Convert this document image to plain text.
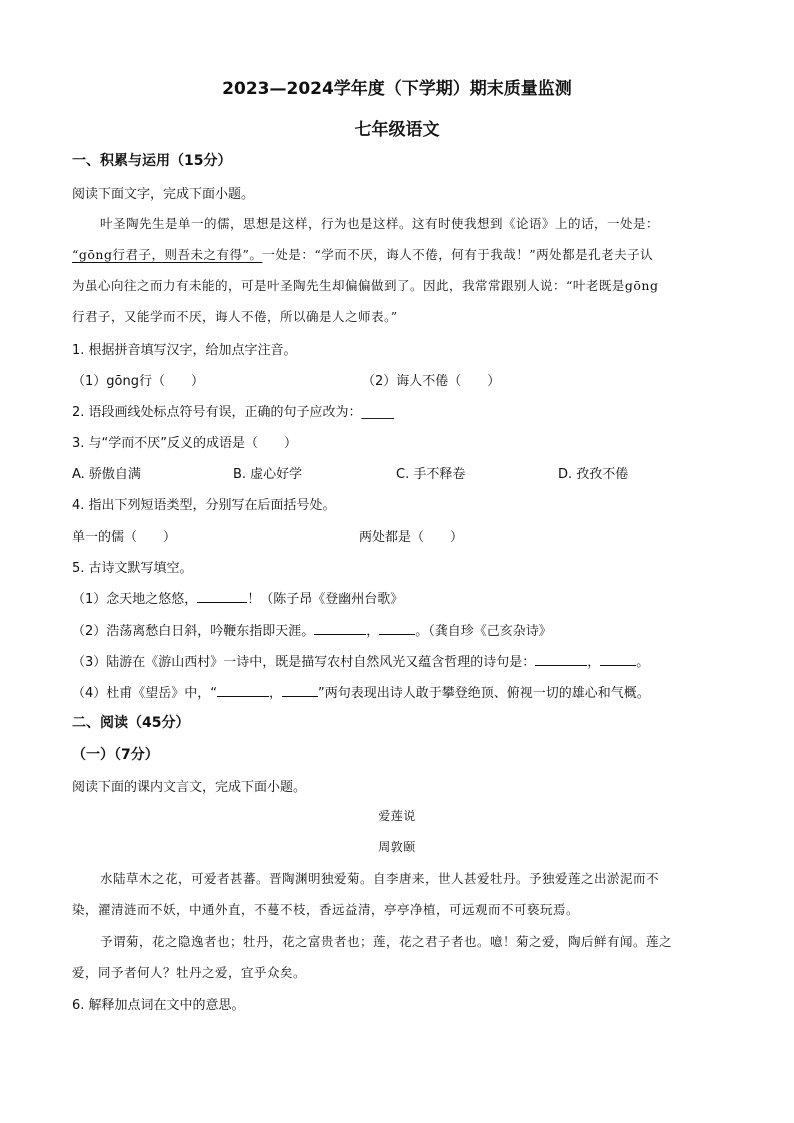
2023—2024学年度（下学期）期末质量监测
七年级语文
一、积累与运用（15分）
阅读下面文字，完成下面小题。
叶圣陶先生是单一的儒，思想是这样，行为也是这样。这有时使我想到《论语》上的话，一处是：
“gōng行君子，则吾未之有得”。一处是：“学而不厌，诲人不倦，何有于我哉！”两处都是孔老夫子认
为虽心向往之而力有未能的，可是叶圣陶先生却偏偏做到了。因此，我常常跟别人说：“叶老既是gōng
行君子，又能学而不厌，诲人不倦，所以确是人之师表。”
1. 根据拼音填写汉字，给加点字注音。
（1）gōng行（　　）	（2）诲人不倦（　　）
2. 语段画线处标点符号有误，正确的句子应改为：_____
3. 与“学而不厌”反义的成语是（　　）
A. 骄傲自满	B. 虚心好学	C. 手不释卷	D. 孜孜不倦
4. 指出下列短语类型，分别写在后面括号处。
单一的儒（　　）	两处都是（　　）
5. 古诗文默写填空。
（1）念天地之悠悠，	！（陈子昂《登幽州台歌》
（2）浩荡离愁白日斜，吟鞭东指即天涯。	，	。（龚自珍《己亥杂诗》
（3）陆游在《游山西村》一诗中，既是描写农村自然风光又蕴含哲理的诗句是：	，	。
（4）杜甫《望岳》中，“	，	”两句表现出诗人敢于攀登绝顶、俯视一切的雄心和气概。
二、阅读（45分）
（一）（7分）
阅读下面的课内文言文，完成下面小题。
爱莲说
周敦颐
水陆草木之花，可爱者甚蕃。晋陶渊明独爱菊。自李唐来，世人甚爱牡丹。予独爱莲之出淤泥而不
染，濯清涟而不妖，中通外直，不蔓不枝，香远益清，亭亭净植，可远观而不可亵玩焉。
予谓菊，花之隐逸者也；牡丹，花之富贵者也；莲，花之君子者也。噫！菊之爱，陶后鲜有闻。莲之
爱，同予者何人？牡丹之爱，宜乎众矣。
6. 解释加点词在文中的意思。
